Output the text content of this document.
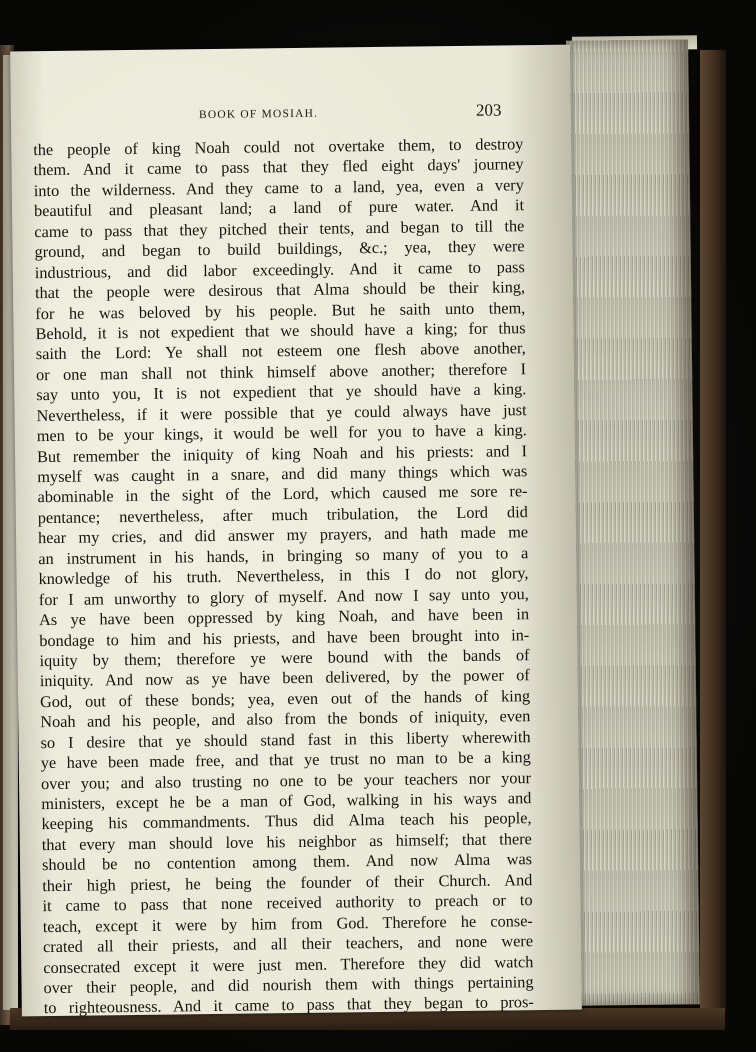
BOOK OF MOSIAH.	203
the people of king Noah could not overtake them, to destroy
them. And it came to pass that they fled eight days' journey
into the wilderness. And they came to a land, yea, even a very
beautiful and pleasant land; a land of pure water. And it
came to pass that they pitched their tents, and began to till the
ground, and began to build buildings, &c.; yea, they were
industrious, and did labor exceedingly. And it came to pass
that the people were desirous that Alma should be their king,
for he was beloved by his people. But he saith unto them,
Behold, it is not expedient that we should have a king; for thus
saith the Lord: Ye shall not esteem one flesh above another,
or one man shall not think himself above another; therefore I
say unto you, It is not expedient that ye should have a king.
Nevertheless, if it were possible that ye could always have just
men to be your kings, it would be well for you to have a king.
But remember the iniquity of king Noah and his priests: and I
myself was caught in a snare, and did many things which was
abominable in the sight of the Lord, which caused me sore re-
pentance; nevertheless, after much tribulation, the Lord did
hear my cries, and did answer my prayers, and hath made me
an instrument in his hands, in bringing so many of you to a
knowledge of his truth. Nevertheless, in this I do not glory,
for I am unworthy to glory of myself. And now I say unto you,
As ye have been oppressed by king Noah, and have been in
bondage to him and his priests, and have been brought into in-
iquity by them; therefore ye were bound with the bands of
iniquity. And now as ye have been delivered, by the power of
God, out of these bonds; yea, even out of the hands of king
Noah and his people, and also from the bonds of iniquity, even
so I desire that ye should stand fast in this liberty wherewith
ye have been made free, and that ye trust no man to be a king
over you; and also trusting no one to be your teachers nor your
ministers, except he be a man of God, walking in his ways and
keeping his commandments. Thus did Alma teach his people,
that every man should love his neighbor as himself; that there
should be no contention among them. And now Alma was
their high priest, he being the founder of their Church. And
it came to pass that none received authority to preach or to
teach, except it were by him from God. Therefore he conse-
crated all their priests, and all their teachers, and none were
consecrated except it were just men. Therefore they did watch
over their people, and did nourish them with things pertaining
to righteousness. And it came to pass that they began to pros-
